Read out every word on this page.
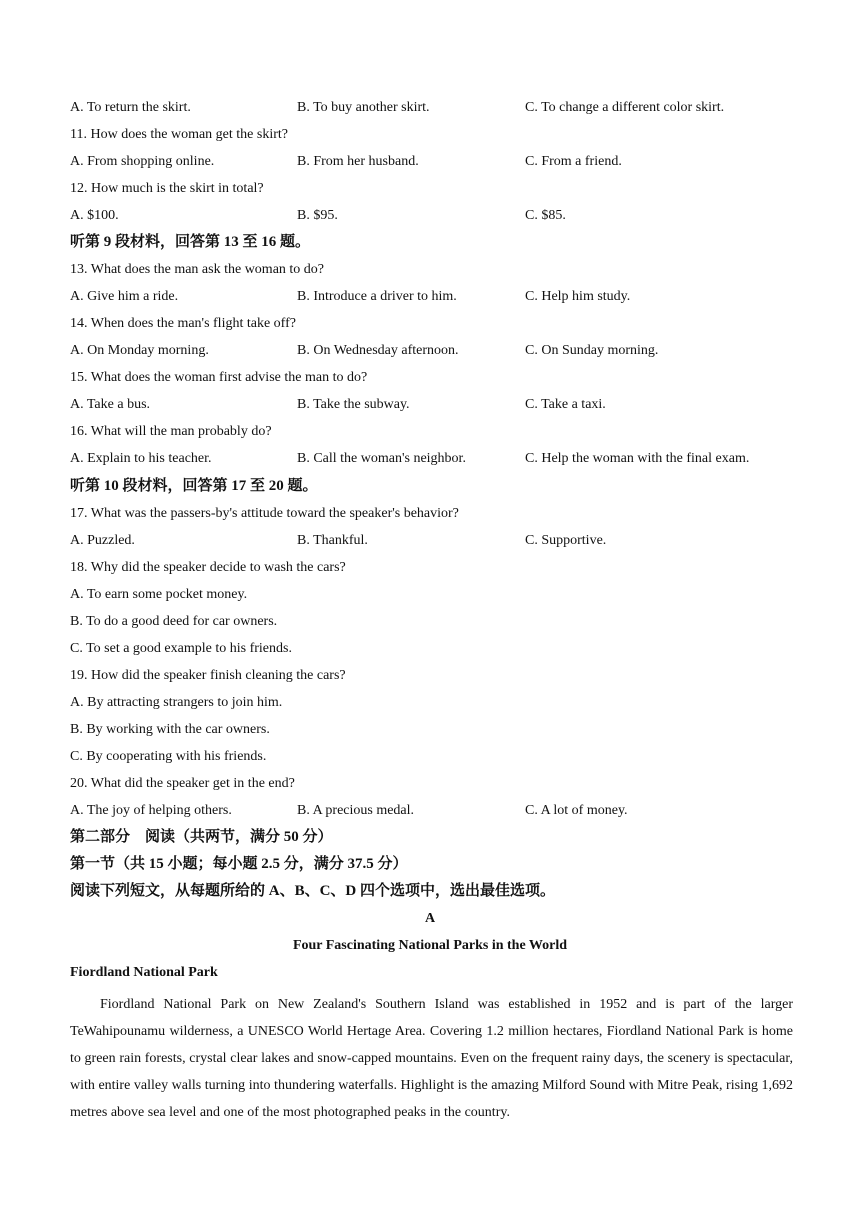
A. To return the skirt.	B. To buy another skirt.	C. To change a different color skirt.
11. How does the woman get the skirt?
A. From shopping online.	B. From her husband.	C. From a friend.
12. How much is the skirt in total?
A. $100.	B. $95.	C. $85.
听第 9 段材料，回答第 13 至 16 题。
13. What does the man ask the woman to do?
A. Give him a ride.	B. Introduce a driver to him.	C. Help him study.
14. When does the man's flight take off?
A. On Monday morning.	B. On Wednesday afternoon.	C. On Sunday morning.
15. What does the woman first advise the man to do?
A. Take a bus.	B. Take the subway.	C. Take a taxi.
16. What will the man probably do?
A. Explain to his teacher.	B. Call the woman's neighbor.	C. Help the woman with the final exam.
听第 10 段材料，回答第 17 至 20 题。
17. What was the passers-by's attitude toward the speaker's behavior?
A. Puzzled.	B. Thankful.	C. Supportive.
18. Why did the speaker decide to wash the cars?
A. To earn some pocket money.
B. To do a good deed for car owners.
C. To set a good example to his friends.
19. How did the speaker finish cleaning the cars?
A. By attracting strangers to join him.
B. By working with the car owners.
C. By cooperating with his friends.
20. What did the speaker get in the end?
A. The joy of helping others.	B. A precious medal.	C. A lot of money.
第二部分　阅读（共两节，满分 50 分）
第一节（共 15 小题；每小题 2.5 分，满分 37.5 分）
阅读下列短文，从每题所给的 A、B、C、D 四个选项中，选出最佳选项。
A
Four Fascinating National Parks in the World
Fiordland National Park
Fiordland National Park on New Zealand's Southern Island was established in 1952 and is part of the larger TeWahipounamu wilderness, a UNESCO World Hertage Area. Covering 1.2 million hectares, Fiordland National Park is home to green rain forests, crystal clear lakes and snow-capped mountains. Even on the frequent rainy days, the scenery is spectacular, with entire valley walls turning into thundering waterfalls. Highlight is the amazing Milford Sound with Mitre Peak, rising 1,692 metres above sea level and one of the most photographed peaks in the country.
